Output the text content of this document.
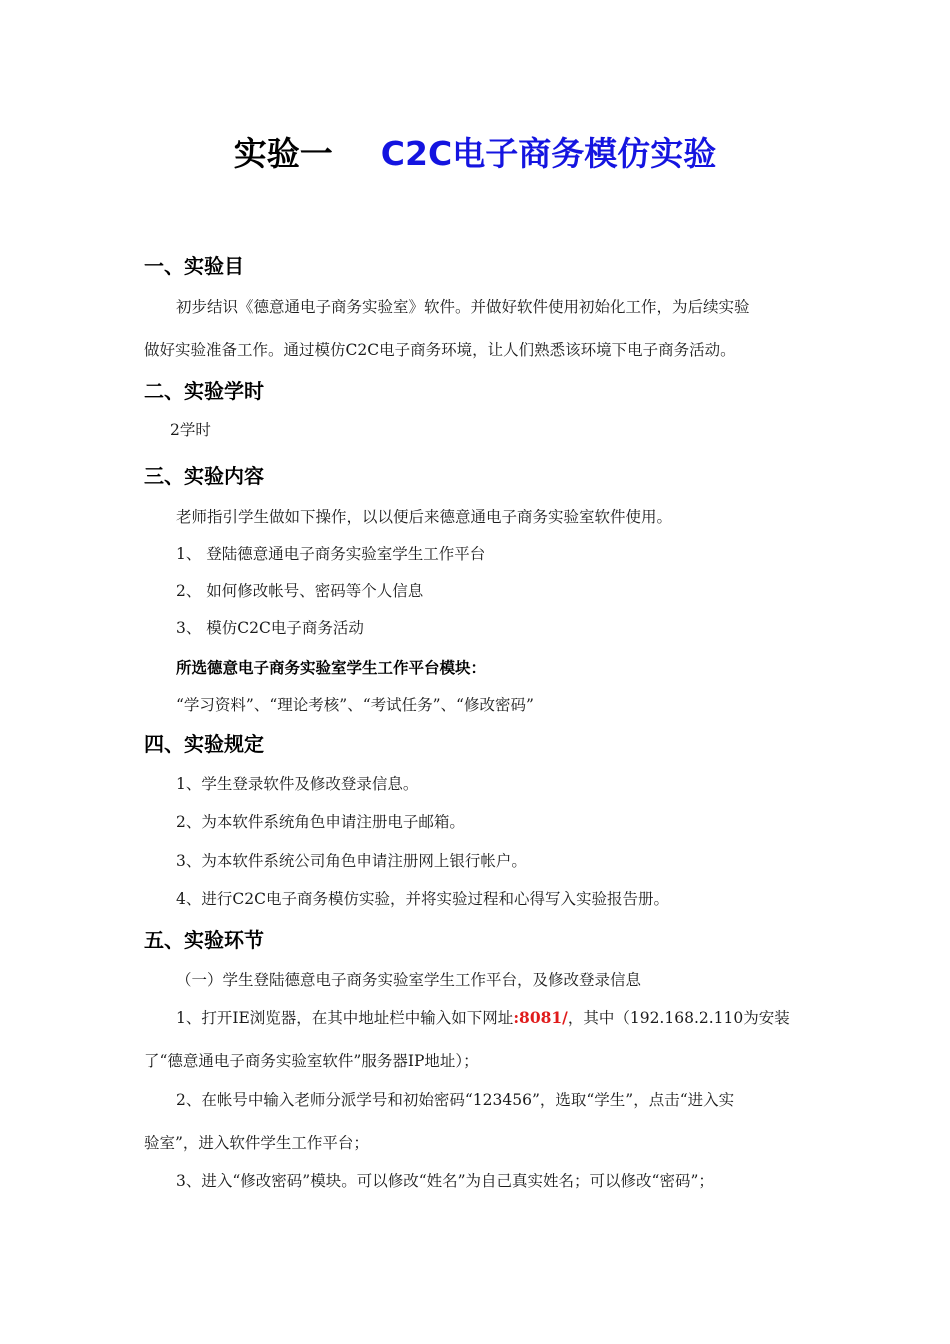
实验一 C2C电子商务模仿实验
一、实验目
初步结识《德意通电子商务实验室》软件。并做好软件使用初始化工作，为后续实验
做好实验准备工作。通过模仿C2C电子商务环境，让人们熟悉该环境下电子商务活动。
二、实验学时
2学时
三、实验内容
老师指引学生做如下操作，以以便后来德意通电子商务实验室软件使用。
1、 登陆德意通电子商务实验室学生工作平台
2、 如何修改帐号、密码等个人信息
3、 模仿C2C电子商务活动
所选德意电子商务实验室学生工作平台模块：
“学习资料”、“理论考核”、“考试任务”、“修改密码”
四、实验规定
1、学生登录软件及修改登录信息。
2、为本软件系统角色申请注册电子邮箱。
3、为本软件系统公司角色申请注册网上银行帐户。
4、进行C2C电子商务模仿实验，并将实验过程和心得写入实验报告册。
五、实验环节
（一）学生登陆德意电子商务实验室学生工作平台，及修改登录信息
1、打开IE浏览器，在其中地址栏中输入如下网址:8081/，其中（192.168.2.110为安装
了“德意通电子商务实验室软件”服务器IP地址）；
2、在帐号中输入老师分派学号和初始密码“123456”，选取“学生”，点击“进入实
验室”，进入软件学生工作平台；
3、进入“修改密码”模块。可以修改“姓名”为自己真实姓名；可以修改“密码”；
